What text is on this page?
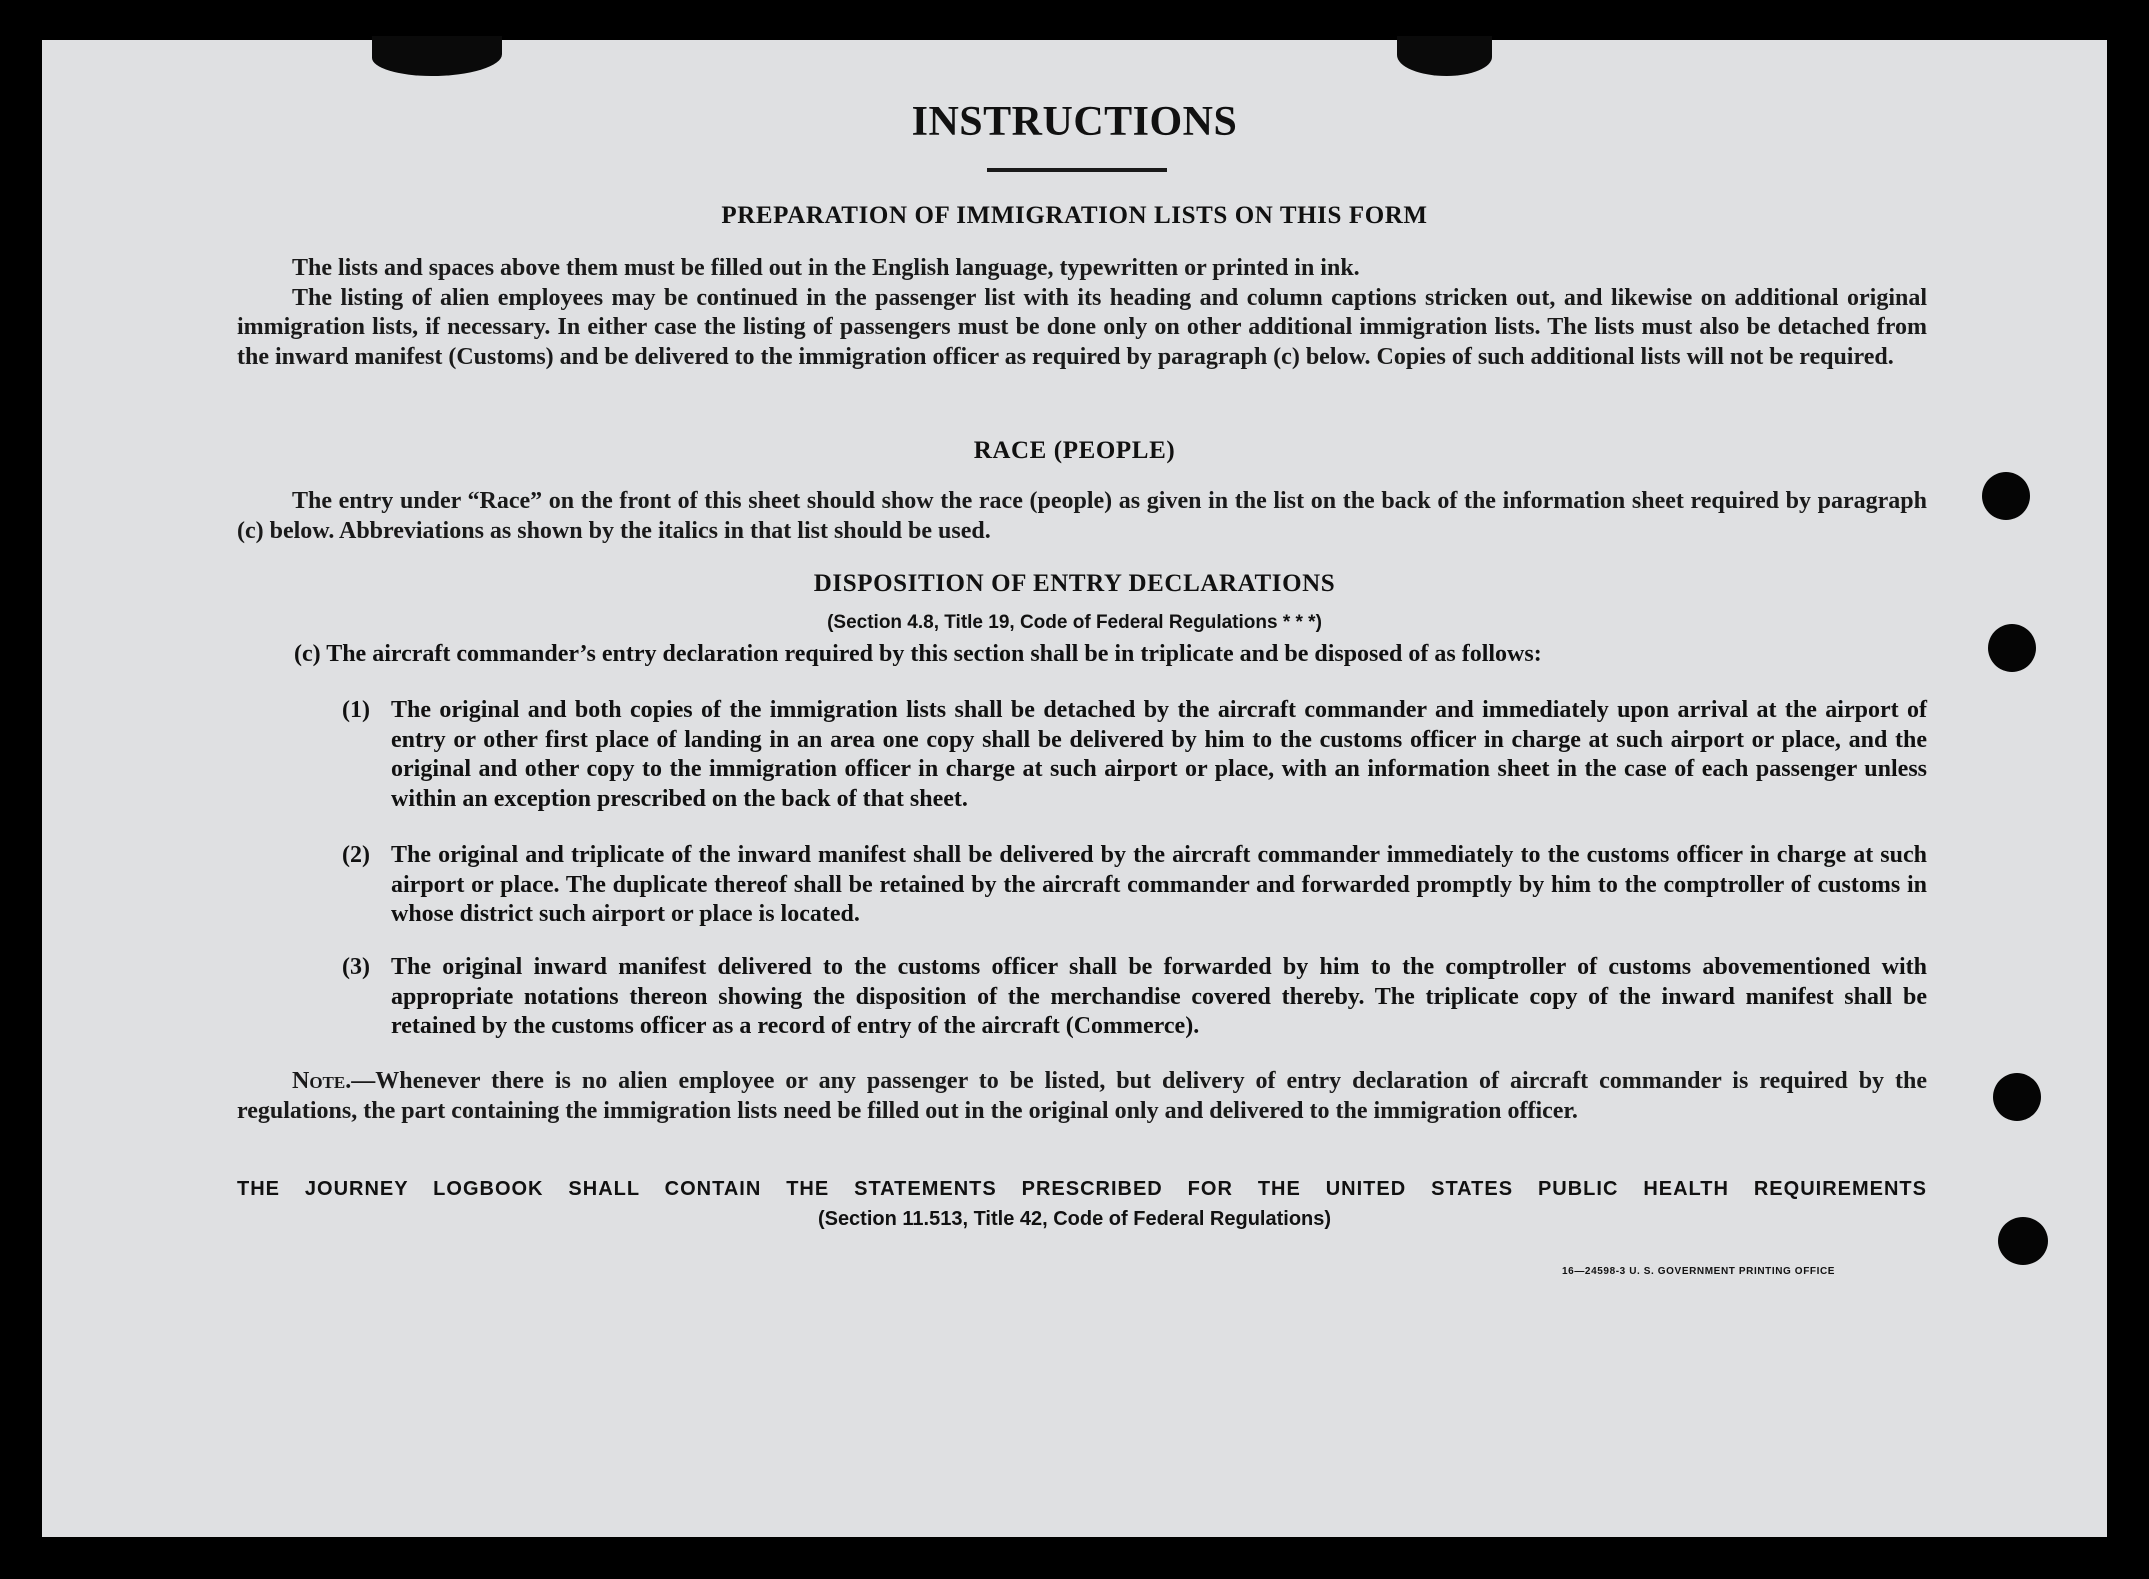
INSTRUCTIONS
PREPARATION OF IMMIGRATION LISTS ON THIS FORM

The lists and spaces above them must be filled out in the English language, typewritten or printed in ink.

The listing of alien employees may be continued in the passenger list with its heading and column captions stricken out, and likewise on additional original immigration lists, if necessary. In either case the listing of passengers must be done only on other additional immigration lists. The lists must also be detached from the inward manifest (Customs) and be delivered to the immigration officer as required by paragraph (c) below. Copies of such additional lists will not be required.

RACE (PEOPLE)

The entry under “Race” on the front of this sheet should show the race (people) as given in the list on the back of the information sheet required by paragraph (c) below. Abbreviations as shown by the italics in that list should be used.

DISPOSITION OF ENTRY DECLARATIONS
(Section 4.8, Title 19, Code of Federal Regulations * * *)

(c) The aircraft commander’s entry declaration required by this section shall be in triplicate and be disposed of as follows:

(1) The original and both copies of the immigration lists shall be detached by the aircraft commander and immediately upon arrival at the airport of entry or other first place of landing in an area one copy shall be delivered by him to the customs officer in charge at such airport or place, and the original and other copy to the immigration officer in charge at such airport or place, with an information sheet in the case of each passenger unless within an exception prescribed on the back of that sheet.
(2) The original and triplicate of the inward manifest shall be delivered by the aircraft commander immediately to the customs officer in charge at such airport or place. The duplicate thereof shall be retained by the aircraft commander and forwarded promptly by him to the comptroller of customs in whose district such airport or place is located.
(3) The original inward manifest delivered to the customs officer shall be forwarded by him to the comptroller of customs abovementioned with appropriate notations thereon showing the disposition of the merchandise covered thereby. The triplicate copy of the inward manifest shall be retained by the customs officer as a record of entry of the aircraft (Commerce).

Note.—Whenever there is no alien employee or any passenger to be listed, but delivery of entry declaration of aircraft commander is required by the regulations, the part containing the immigration lists need be filled out in the original only and delivered to the immigration officer.

THE JOURNEY LOGBOOK SHALL CONTAIN THE STATEMENTS PRESCRIBED FOR THE UNITED STATES PUBLIC HEALTH REQUIREMENTS

(Section 11.513, Title 42, Code of Federal Regulations)

16—24598-3 U. S. GOVERNMENT PRINTING OFFICE
